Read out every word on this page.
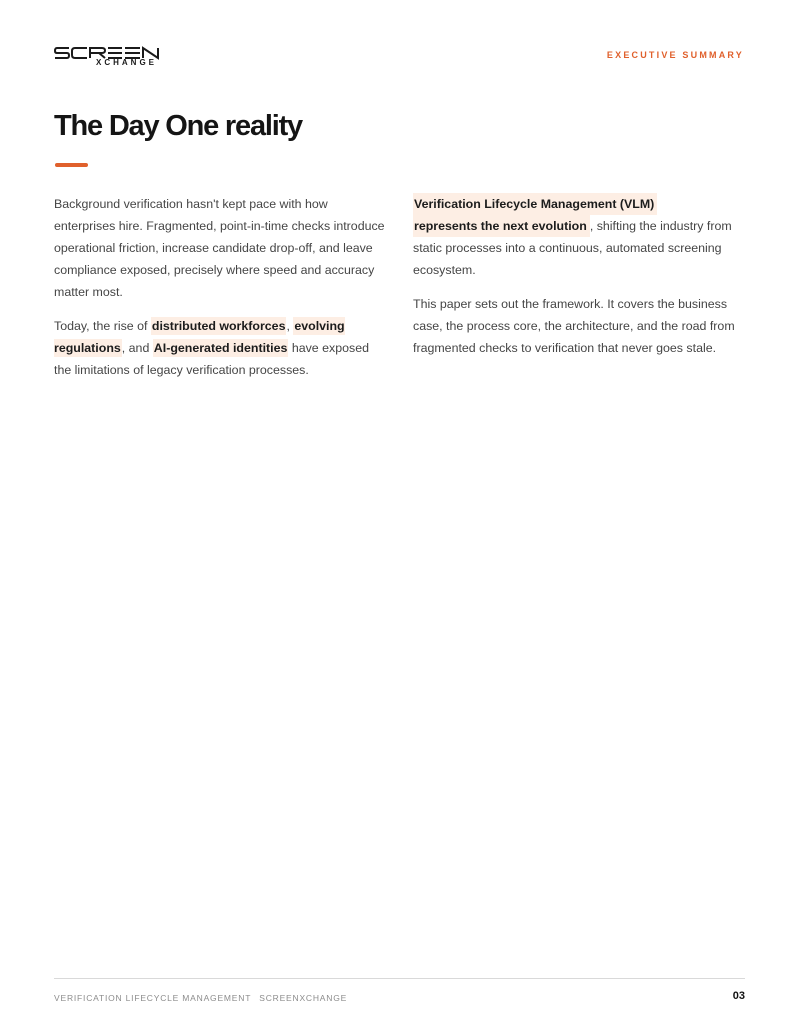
XCHANGE
EXECUTIVE SUMMARY
The Day One reality

Background verification hasn't kept pace with how enterprises hire. Fragmented, point-in-time checks introduce operational friction, increase candidate drop-off, and leave compliance exposed, precisely where speed and accuracy matter most.

Today, the rise of distributed workforces, evolving regulations, and AI-generated identities have exposed the limitations of legacy verification processes.

Verification Lifecycle Management (VLM)
represents the next evolution , shifting the industry from static processes into a continuous, automated screening ecosystem.

This paper sets out the framework. It covers the business case, the process core, the architecture, and the road from fragmented checks to verification that never goes stale.

VERIFICATION LIFECYCLE MANAGEMENT SCREENXCHANGE	03
